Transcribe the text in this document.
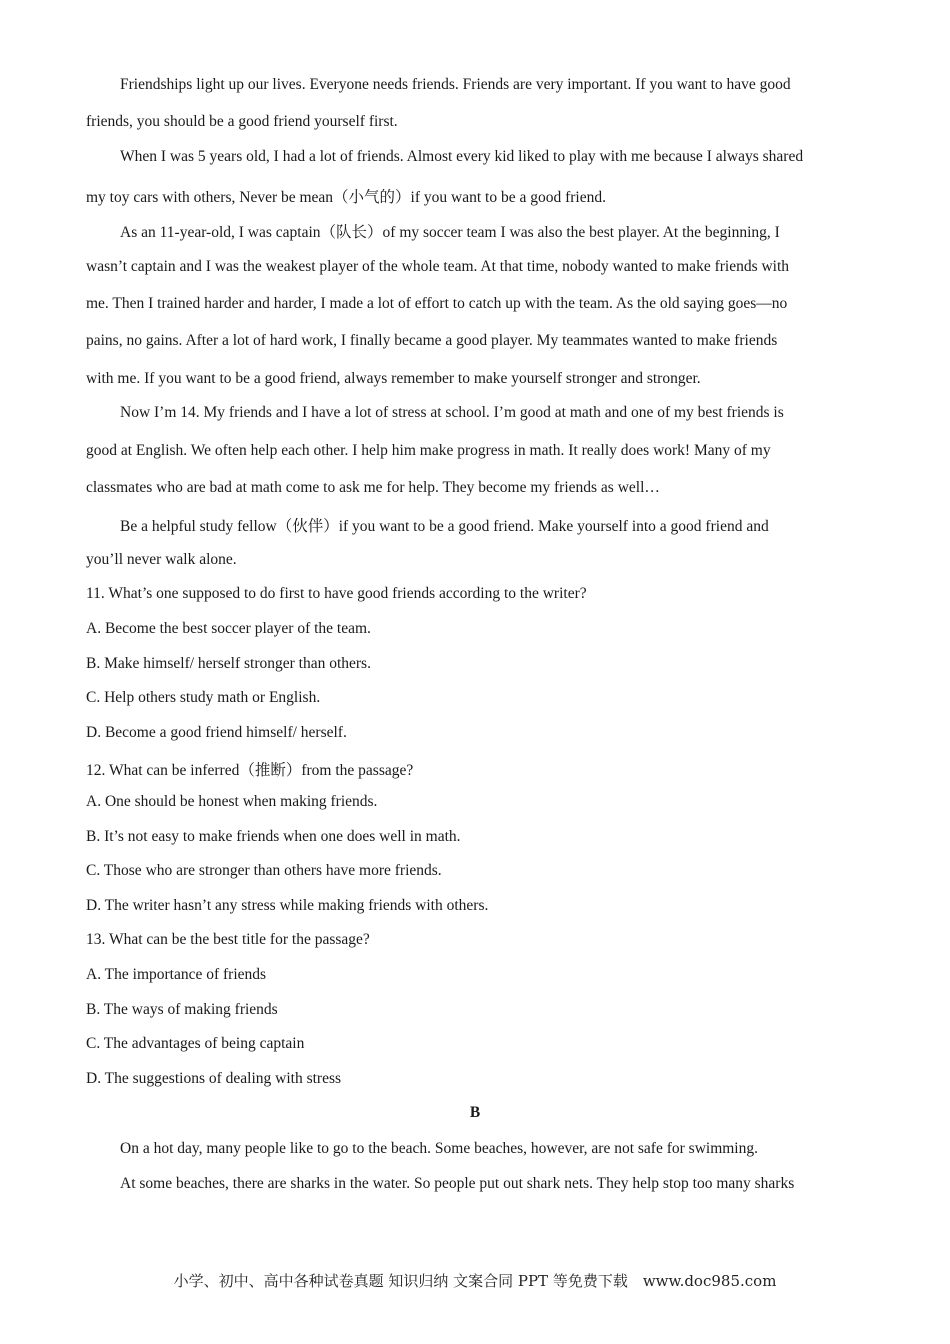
Friendships light up our lives. Everyone needs friends. Friends are very important. If you want to have good
friends, you should be a good friend yourself first.
When I was 5 years old, I had a lot of friends. Almost every kid liked to play with me because I always shared
my toy cars with others, Never be mean（小气的）if you want to be a good friend.
As an 11-year-old, I was captain（队长）of my soccer team I was also the best player. At the beginning, I
wasn’t captain and I was the weakest player of the whole team. At that time, nobody wanted to make friends with
me. Then I trained harder and harder, I made a lot of effort to catch up with the team. As the old saying goes—no
pains, no gains. After a lot of hard work, I finally became a good player. My teammates wanted to make friends
with me. If you want to be a good friend, always remember to make yourself stronger and stronger.
Now I’m 14. My friends and I have a lot of stress at school. I’m good at math and one of my best friends is
good at English. We often help each other. I help him make progress in math. It really does work! Many of my
classmates who are bad at math come to ask me for help. They become my friends as well…
Be a helpful study fellow（伙伴）if you want to be a good friend. Make yourself into a good friend and
you’ll never walk alone.
11. What’s one supposed to do first to have good friends according to the writer?
A. Become the best soccer player of the team.
B. Make himself/ herself stronger than others.
C. Help others study math or English.
D. Become a good friend himself/ herself.
12. What can be inferred（推断）from the passage?
A. One should be honest when making friends.
B. It’s not easy to make friends when one does well in math.
C. Those who are stronger than others have more friends.
D. The writer hasn’t any stress while making friends with others.
13. What can be the best title for the passage?
A. The importance of friends
B. The ways of making friends
C. The advantages of being captain
D. The suggestions of dealing with stress
B
On a hot day, many people like to go to the beach. Some beaches, however, are not safe for swimming.
At some beaches, there are sharks in the water. So people put out shark nets. They help stop too many sharks
小学、初中、高中各种试卷真题 知识归纳 文案合同 PPT 等免费下载　www.doc985.com
